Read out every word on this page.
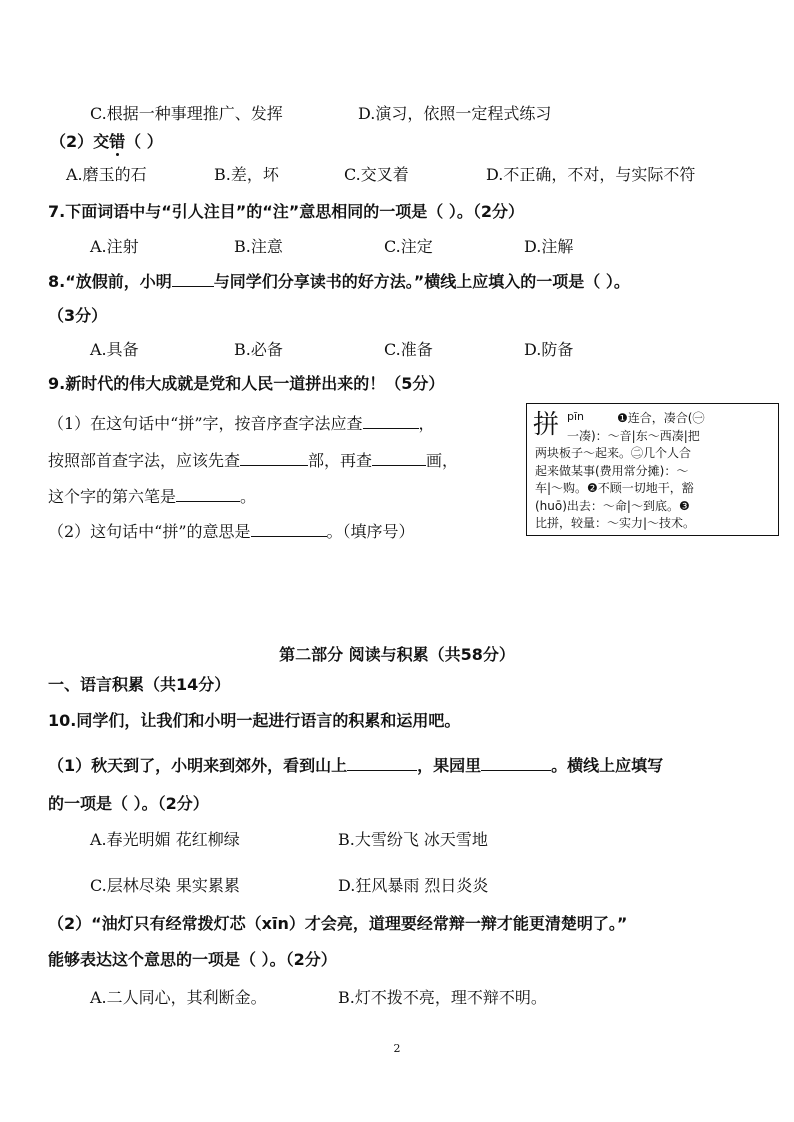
C.根据一种事理推广、发挥	D.演习，依照一定程式练习
（2）交错（ ）
A.磨玉的石	B.差，坏	C.交叉着	D.不正确，不对，与实际不符
7.下面词语中与“引人注目”的“注”意思相同的一项是（ ）。（2分）
A.注射	B.注意	C.注定	D.注解
8.“放假前，小明	与同学们分享读书的好方法。”横线上应填入的一项是（ ）。
（3分）
A.具备	B.必备	C.准备	D.防备
9.新时代的伟大成就是党和人民一道拼出来的！（5分）
（1）在这句话中“拼”字，按音序查字法应查	，
按照部首查字法，应该先查	部，再查	画，
这个字的第六笔是	。
（2）这句话中“拼”的意思是	。（填序号）
拼 pīn	❶连合，凑合(㊀
一凑)：～音|东～西凑|把
两块板子～起来。㊁几个人合
起来做某事(费用常分摊)：～
车|～购。❷不顾一切地干，豁
(huō)出去：～命|～到底。❸
比拼，较量：～实力|～技术。
第二部分 阅读与积累（共58分）
一、语言积累（共14分）
10.同学们，让我们和小明一起进行语言的积累和运用吧。
（1）秋天到了，小明来到郊外，看到山上	，果园里	。横线上应填写
的一项是（ ）。（2分）
A.春光明媚 花红柳绿	B.大雪纷飞 冰天雪地
C.层林尽染 果实累累	D.狂风暴雨 烈日炎炎
（2）“油灯只有经常拨灯芯（xīn）才会亮，道理要经常辩一辩才能更清楚明了。”
能够表达这个意思的一项是（ ）。（2分）
A.二人同心，其利断金。	B.灯不拨不亮，理不辩不明。
2
